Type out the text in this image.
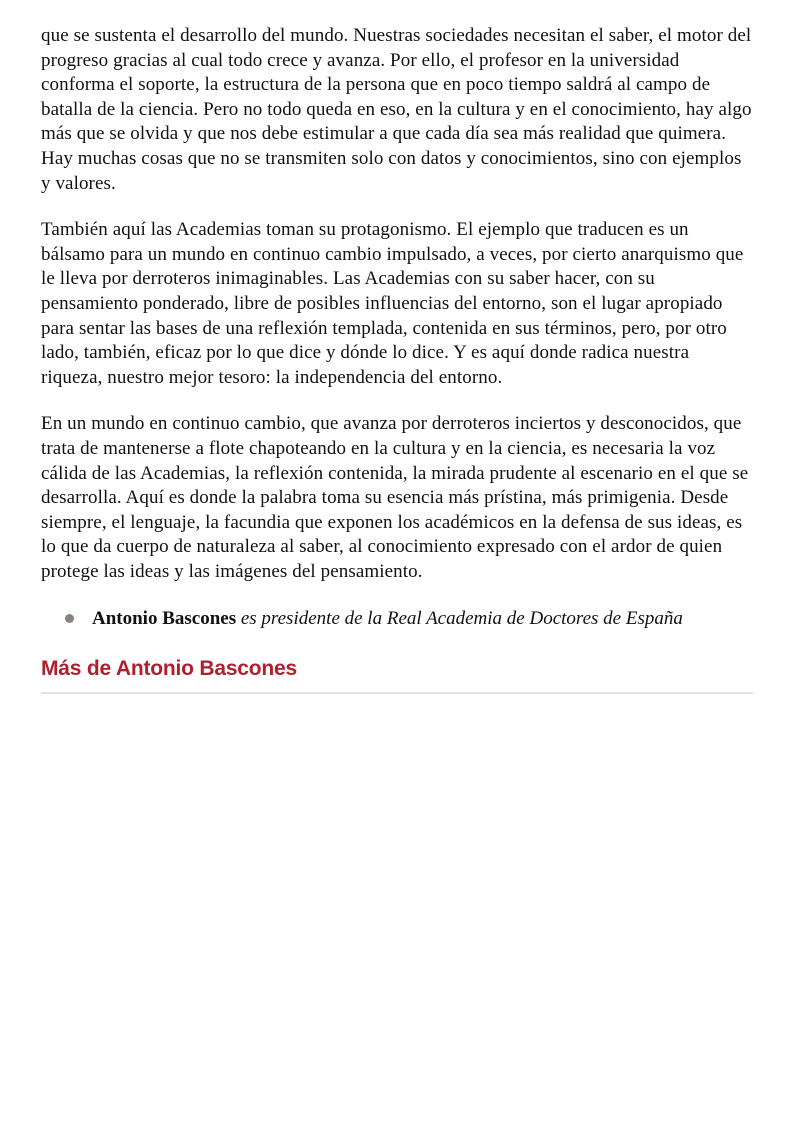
que se sustenta el desarrollo del mundo. Nuestras sociedades necesitan el saber, el motor del progreso gracias al cual todo crece y avanza. Por ello, el profesor en la universidad conforma el soporte, la estructura de la persona que en poco tiempo saldrá al campo de batalla de la ciencia. Pero no todo queda en eso, en la cultura y en el conocimiento, hay algo más que se olvida y que nos debe estimular a que cada día sea más realidad que quimera. Hay muchas cosas que no se transmiten solo con datos y conocimientos, sino con ejemplos y valores.

También aquí las Academias toman su protagonismo. El ejemplo que traducen es un bálsamo para un mundo en continuo cambio impulsado, a veces, por cierto anarquismo que le lleva por derroteros inimaginables. Las Academias con su saber hacer, con su pensamiento ponderado, libre de posibles influencias del entorno, son el lugar apropiado para sentar las bases de una reflexión templada, contenida en sus términos, pero, por otro lado, también, eficaz por lo que dice y dónde lo dice. Y es aquí donde radica nuestra riqueza, nuestro mejor tesoro: la independencia del entorno.

En un mundo en continuo cambio, que avanza por derroteros inciertos y desconocidos, que trata de mantenerse a flote chapoteando en la cultura y en la ciencia, es necesaria la voz cálida de las Academias, la reflexión contenida, la mirada prudente al escenario en el que se desarrolla. Aquí es donde la palabra toma su esencia más prístina, más primigenia. Desde siempre, el lenguaje, la facundia que exponen los académicos en la defensa de sus ideas, es lo que da cuerpo de naturaleza al saber, al conocimiento expresado con el ardor de quien protege las ideas y las imágenes del pensamiento.

Antonio Bascones es presidente de la Real Academia de Doctores de España
Más de Antonio Bascones
